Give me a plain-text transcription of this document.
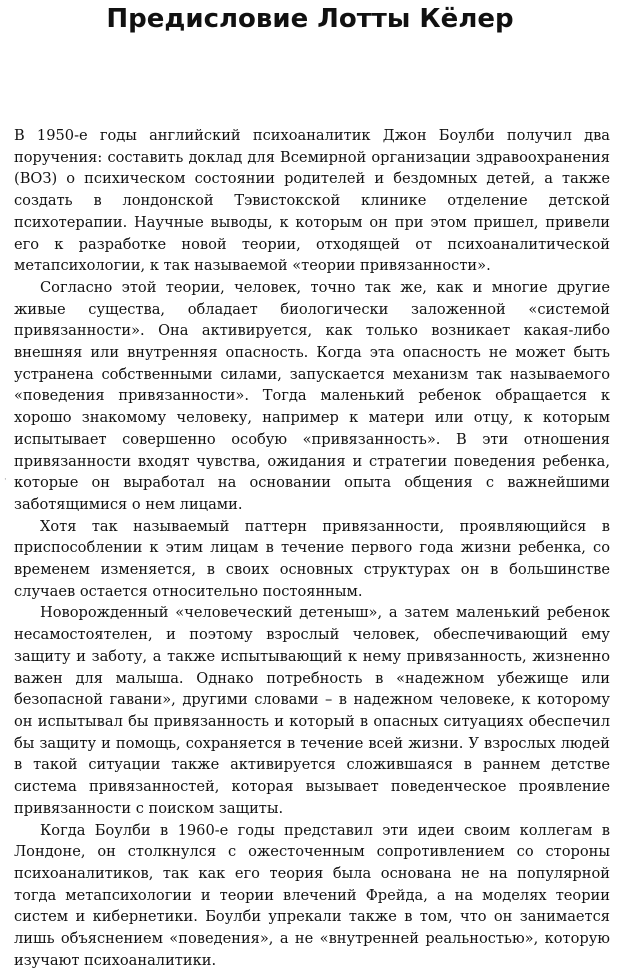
Предисловие Лотты Кёлер

В 1950-е годы английский психоаналитик Джон Боулби получил два поручения: составить доклад для Всемирной организации здравоохранения (ВОЗ) о психическом состоянии родителей и бездомных детей, а также создать в лондонской Тэвистокской клинике отделение детской психотерапии. Научные выводы, к которым он при этом пришел, привели его к разработке новой теории, отходящей от психоаналитической метапсихологии, к так называемой «теории привязанности».

Согласно этой теории, человек, точно так же, как и многие другие живые существа, обладает биологически заложенной «системой привязанности». Она активируется, как только возникает какая-либо внешняя или внутренняя опасность. Когда эта опасность не может быть устранена собственными силами, запускается механизм так называемого «поведения привязанности». Тогда маленький ребенок обращается к хорошо знакомому человеку, например к матери или отцу, к которым испытывает совершенно особую «привязанность». В эти отношения привязанности входят чувства, ожидания и стратегии поведения ребенка, которые он выработал на основании опыта общения с важнейшими заботящимися о нем лицами.

Хотя так называемый паттерн привязанности, проявляющийся в приспособлении к этим лицам в течение первого года жизни ребенка, со временем изменяется, в своих основных структурах он в большинстве случаев остается относительно постоянным.

Новорожденный «человеческий детеныш», а затем маленький ребенок несамостоятелен, и поэтому взрослый человек, обеспечивающий ему защиту и заботу, а также испытывающий к нему привязанность, жизненно важен для малыша. Однако потребность в «надежном убежище или безопасной гавани», другими словами – в надежном человеке, к которому он испытывал бы привязанность и который в опасных ситуациях обеспечил бы защиту и помощь, сохраняется в течение всей жизни. У взрослых людей в такой ситуации также активируется сложившаяся в раннем детстве система привязанностей, которая вызывает поведенческое проявление привязанности с поиском защиты.

Когда Боулби в 1960-е годы представил эти идеи своим коллегам в Лондоне, он столкнулся с ожесточенным сопротивлением со стороны психоаналитиков, так как его теория была основана не на популярной тогда метапсихологии и теории влечений Фрейда, а на моделях теории систем и кибернетики. Боулби упрекали также в том, что он занимается лишь объяснением «поведения», а не «внутренней реальностью», которую изучают психоаналитики.

·
